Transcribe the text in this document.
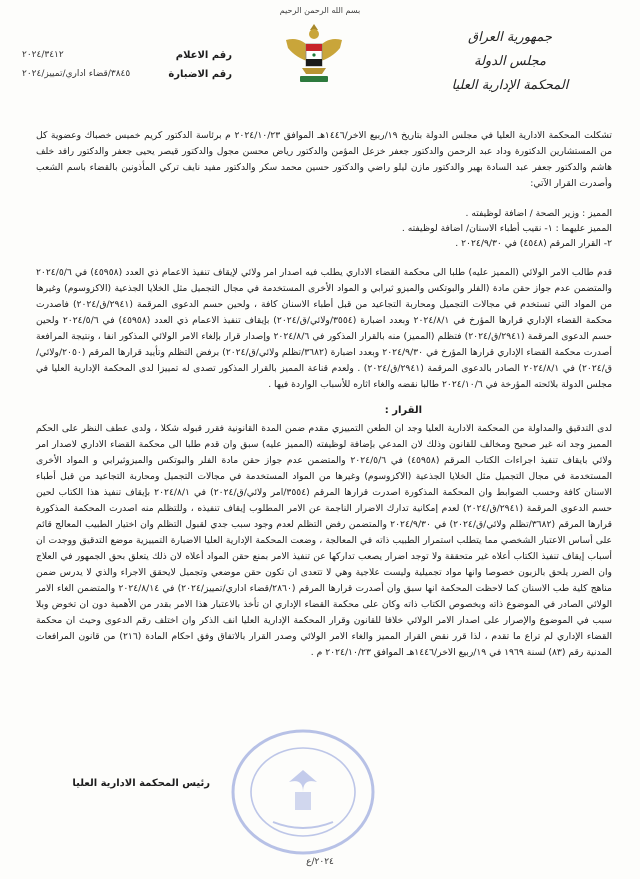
بسم الله الرحمن الرحيم
جمهورية العراق
مجلس الدولة
المحكمة الإدارية العليا
رقم الاعلام
٢٠٢٤/٣٤١٢
رقم الاضبارة
٣٨٤٥/قضاء اداري/تمييز/٢٠٢٤

تشكلت المحكمة الادارية العليا في مجلس الدولة بتاريخ ١٩/ربيع الاخر/١٤٤٦هـ الموافق ٢٠٢٤/١٠/٢٣ م برئاسة الدكتور كريم خميس خصباك وعضوية كل من المستشارين الدكتورة وداد عبد الرحمن والدكتور جعفر خزعل المؤمن والدكتور رياض محسن مجول والدكتور قيصر يحيى جعفر والدكتور رافد خلف هاشم والدكتور جعفر عبد السادة بهير والدكتور مازن ليلو راضي والدكتور حسين محمد سكر والدكتور مفيد نايف تركي المأذونين بالقضاء باسم الشعب وأصدرت القرار الآتي:

المميز : وزير الصحة / اضافة لوظيفته .

المميز عليهما : ١- نقيب أطباء الاسنان/ اضافة لوظيفته .

٢- القرار المرقم (٤٥٤٨) في ٢٠٢٤/٩/٣٠ .

قدم طالب الامر الولائي (المميز عليه) طلبا الى محكمة القضاء الاداري يطلب فيه اصدار امر ولائي لإيقاف تنفيذ الاعمام ذي العدد (٤٥٩٥٨) في ٢٠٢٤/٥/٦ والمتضمن عدم جواز حقن مادة (الفلر والبوتكس والميزو ثيرابي و المواد الأخرى المستخدمة في مجال التجميل مثل الخلايا الجذعية (الاكزوسوم) وغيرها من المواد التي تستخدم في مجالات التجميل ومحاربة التجاعيد من قبل أطباء الاسنان كافة ، ولحين حسم الدعوى المرقمة (٢٩٤١/ق/٢٠٢٤) فاصدرت محكمة القضاء الإداري قرارها المؤرخ في ٢٠٢٤/٨/١ وبعدد اضبارة (٣٥٥٤/ولائي/ق/٢٠٢٤) بإيقاف تنفيذ الاعمام ذي العدد (٤٥٩٥٨) في ٢٠٢٤/٥/٦ ولحين حسم الدعوى المرقمة (٢٩٤١/ق/٢٠٢٤) فتظلم (المميز) منه بالقرار المذكور في ٢٠٢٤/٨/٦ وإصدار قرار بإلغاء الامر الولائي المذكور انفا ، ونتيجة المرافعة أصدرت محكمة القضاء الإداري قرارها المؤرخ في ٢٠٢٤/٩/٣٠ وبعدد اضبارة (٣٦٨٢/تظلم ولائي/ق/٢٠٢٤) برفض التظلم وتأييد قرارها المرقم (٢٠٥٠/ولائي/ق/٢٠٢٤) في ٢٠٢٤/٨/١ الصادر بالدعوى المرقمة (٢٩٤١/ق/٢٠٢٤) . ولعدم قناعة المميز بالقرار المذكور تصدى له تمييزا لدى المحكمة الإدارية العليا في مجلس الدولة بلائحته المؤرخة في ٢٠٢٤/١٠/٦ طالبا نقضه والغاء اثاره للأسباب الواردة فيها .

القرار :

لدى التدقيق والمداولة من المحكمة الادارية العليا وجد ان الطعن التمييزي مقدم ضمن المدة القانونية فقرر قبوله شكلا ، ولدى عطف النظر على الحكم المميز وجد انه غير صحيح ومخالف للقانون وذلك لان المدعي بإضافة لوظيفته (المميز عليه) سبق وان قدم طلبا الى محكمة القضاء الاداري لاصدار امر ولائي بايقاف تنفيذ اجراءات الكتاب المرقم (٤٥٩٥٨) في ٢٠٢٤/٥/٦ والمتضمن عدم جواز حقن مادة الفلر والبوتكس والميزوثيرابي و المواد الأخرى المستخدمة في مجال التجميل مثل الخلايا الجذعية (الاكزوسوم) وغيرها من المواد المستخدمة في مجالات التجميل ومحاربة التجاعيد من قبل أطباء الاسنان كافة وحسب الضوابط وان المحكمة المذكورة اصدرت قرارها المرقم (٣٥٥٤/امر ولائي/ق/٢٠٢٤) في ٢٠٢٤/٨/١ بإيقاف تنفيذ هذا الكتاب لحين حسم الدعوى المرقمة (٢٩٤١/ق/٢٠٢٤) لعدم إمكانية تدارك الاضرار الناجمة عن الامر المطلوب إيقاف تنفيذه ، وللتظلم منه اصدرت المحكمة المذكورة قرارها المرقم (٣٦٨٢/تظلم ولائي/ق/٢٠٢٤) في ٢٠٢٤/٩/٣٠ والمتضمن رفض التظلم لعدم وجود سبب جدي لقبول التظلم وان اختيار الطبيب المعالج قائم على أساس الاعتبار الشخصي مما يتطلب استمرار الطبيب ذاته في المعالجة ، وضعت المحكمة الإدارية العليا الاضبارة التمييزية موضع التدقيق ووجدت ان أسباب إيقاف تنفيذ الكتاب أعلاه غير متحققة ولا توجد اضرار يصعب تداركها عن تنفيذ الامر بمنع حقن المواد أعلاه لان ذلك يتعلق بحق الجمهور في العلاج وان الضرر يلحق بالزبون خصوصا وانها مواد تجميلية وليست علاجية وهي لا تتعدى ان تكون حقن موضعي وتجميل لايحقق الاجراء والذي لا يدرس ضمن مناهج كلية طب الاسنان كما لاحظت المحكمة انها سبق وان أصدرت قرارها المرقم (٢٨٦٠/قضاء اداري/تمييز/٢٠٢٤) في ٢٠٢٤/٨/١٤ والمتضمن الغاء الامر الولائي الصادر في الموضوع ذاته وبخصوص الكتاب ذاته وكان على محكمة القضاء الإداري ان تأخذ بالاعتبار هذا الامر بقدر من الأهمية دون ان تخوض وبلا سبب في الموضوع والإصرار على اصدار الامر الولائي خلافا للقانون وقرار المحكمة الإدارية العليا انف الذكر وان اختلف رقم الدعوى وحيث ان محكمة القضاء الإداري لم تراع ما تقدم ، لذا قرر نقض القرار المميز والغاء الامر الولائي وصدر القرار بالاتفاق وفق احكام المادة (٢١٦) من قانون المرافعات المدنية رقم (٨٣) لسنة ١٩٦٩ في ١٩/ربيع الاخر/١٤٤٦هـ الموافق ٢٠٢٤/١٠/٢٣ م .

رئيس المحكمة الادارية العليا
٢٠٢٤/ع
